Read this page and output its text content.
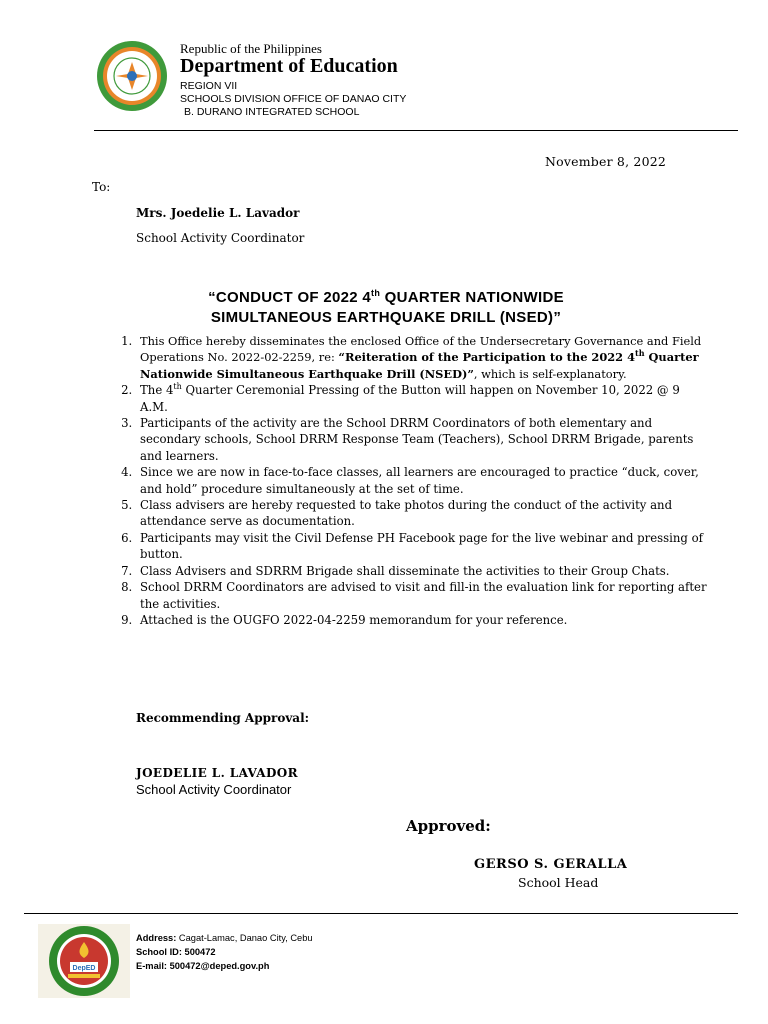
Republic of the Philippines
Department of Education
REGION VII
SCHOOLS DIVISION OFFICE OF DANAO CITY
B. DURANO INTEGRATED SCHOOL
November 8, 2022
To:
Mrs. Joedelie L. Lavador
School Activity Coordinator
“CONDUCT OF 2022 4th QUARTER NATIONWIDE
SIMULTANEOUS EARTHQUAKE DRILL (NSED)”
1. This Office hereby disseminates the enclosed Office of the Undersecretary Governance and Field Operations No. 2022-02-2259, re: “Reiteration of the Participation to the 2022 4th Quarter Nationwide Simultaneous Earthquake Drill (NSED)”, which is self-explanatory.
2. The 4th Quarter Ceremonial Pressing of the Button will happen on November 10, 2022 @ 9 A.M.
3. Participants of the activity are the School DRRM Coordinators of both elementary and secondary schools, School DRRM Response Team (Teachers), School DRRM Brigade, parents and learners.
4. Since we are now in face-to-face classes, all learners are encouraged to practice “duck, cover, and hold” procedure simultaneously at the set of time.
5. Class advisers are hereby requested to take photos during the conduct of the activity and attendance serve as documentation.
6. Participants may visit the Civil Defense PH Facebook page for the live webinar and pressing of button.
7. Class Advisers and SDRRM Brigade shall disseminate the activities to their Group Chats.
8. School DRRM Coordinators are advised to visit and fill-in the evaluation link for reporting after the activities.
9. Attached is the OUGFO 2022-04-2259 memorandum for your reference.
Recommending Approval:
JOEDELIE L. LAVADOR
School Activity Coordinator
Approved:
GERSO S. GERALLA
School Head
DepED
Address: Cagat-Lamac, Danao City, Cebu
School ID: 500472
E-mail: 500472@deped.gov.ph
